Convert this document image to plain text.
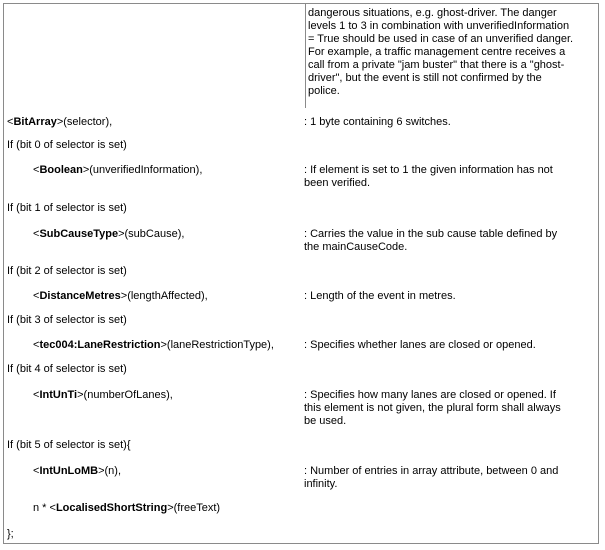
dangerous situations, e.g. ghost-driver. The danger
levels 1 to 3 in combination with unverifiedInformation
= True should be used in case of an unverified danger.
For example, a traffic management centre receives a
call from a private "jam buster" that there is a "ghost-
driver", but the event is still not confirmed by the
police.
<BitArray>(selector),	: 1 byte containing 6 switches.
If (bit 0 of selector is set)
<Boolean>(unverifiedInformation),	: If element is set to 1 the given information has not
been verified.
If (bit 1 of selector is set)
<SubCauseType>(subCause),	: Carries the value in the sub cause table defined by
the mainCauseCode.
If (bit 2 of selector is set)
<DistanceMetres>(lengthAffected),	: Length of the event in metres.
If (bit 3 of selector is set)
<tec004:LaneRestriction>(laneRestrictionType),	: Specifies whether lanes are closed or opened.
If (bit 4 of selector is set)
<IntUnTi>(numberOfLanes),	: Specifies how many lanes are closed or opened. If
this element is not given, the plural form shall always
be used.
If (bit 5 of selector is set){
<IntUnLoMB>(n),	: Number of entries in array attribute, between 0 and
infinity.
n * <LocalisedShortString>(freeText)
};
